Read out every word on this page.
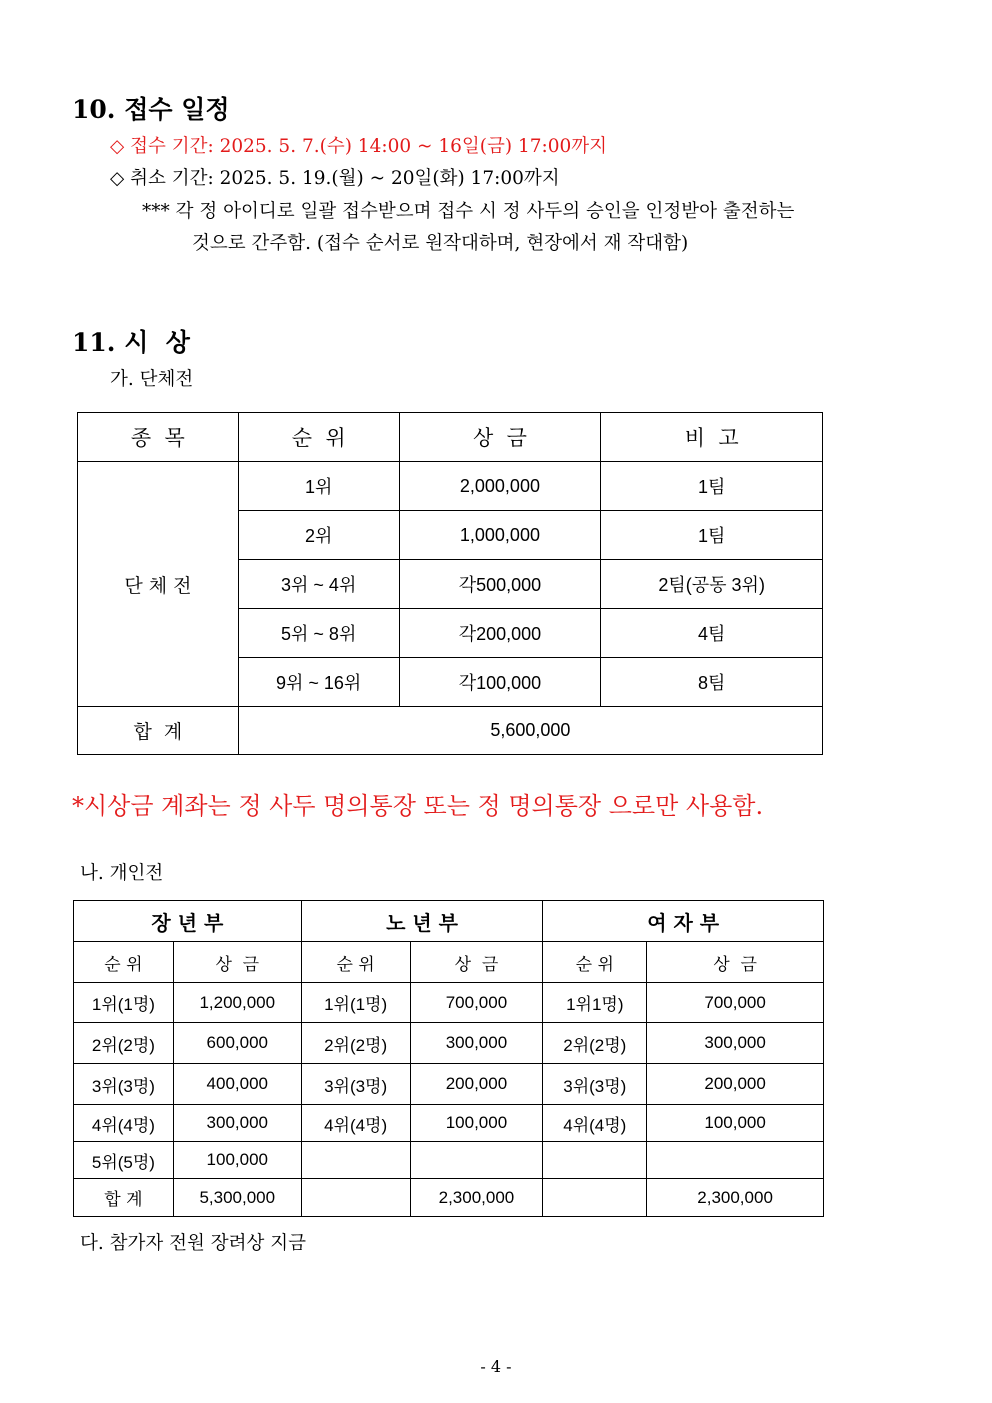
10. 접수 일정
◇ 접수 기간: 2025. 5. 7.(수) 14:00 ~ 16일(금) 17:00까지
◇ 취소 기간: 2025. 5. 19.(월) ~ 20일(화) 17:00까지
*** 각 정 아이디로 일괄 접수받으며 접수 시 정 사두의 승인을 인정받아 출전하는
것으로 간주함. (접수 순서로 원작대하며, 현장에서 재 작대함)
11. 시  상
가. 단체전
종  목	순  위	상  금	비  고
단 체 전	1위	2,000,000	1팀
	2위	1,000,000	1팀
	3위 ~ 4위	각500,000	2팀(공동 3위)
	5위 ~ 8위	각200,000	4팀
	9위 ~ 16위	각100,000	8팀
합  계	5,600,000		
*시상금 계좌는 정 사두 명의통장 또는 정 명의통장 으로만 사용함.
나. 개인전
장 년 부		노 년 부		여 자 부	
순 위	상  금	순 위	상  금	순 위	상  금
1위(1명)	1,200,000	1위(1명)	700,000	1위1명)	700,000
2위(2명)	600,000	2위(2명)	300,000	2위(2명)	300,000
3위(3명)	400,000	3위(3명)	200,000	3위(3명)	200,000
4위(4명)	300,000	4위(4명)	100,000	4위(4명)	100,000
5위(5명)	100,000				
합 계	5,300,000		2,300,000		2,300,000
다. 참가자 전원 장려상 지금
- 4 -
